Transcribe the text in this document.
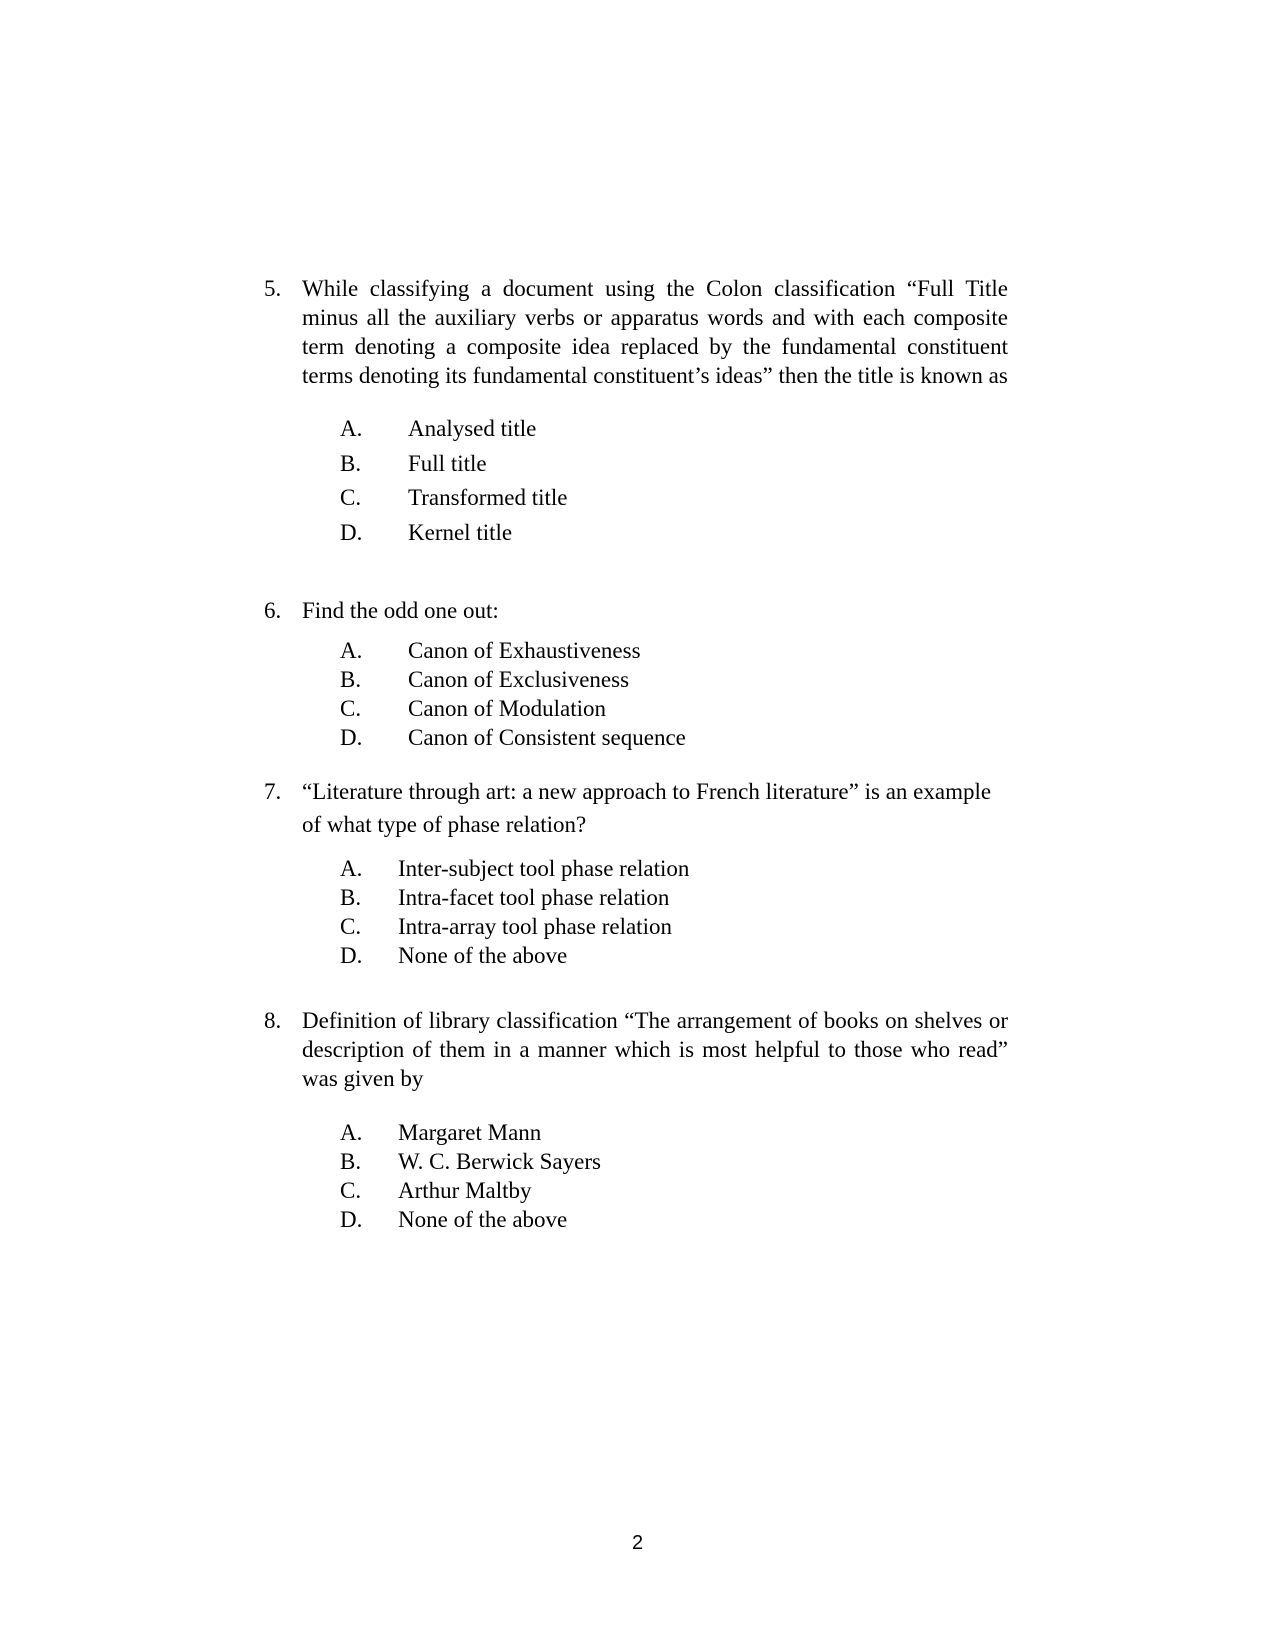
5. While classifying a document using the Colon classification “Full Title minus all the auxiliary verbs or apparatus words and with each composite term denoting a composite idea replaced by the fundamental constituent terms denoting its fundamental constituent’s ideas” then the title is known as
A. Analysed title
B. Full title
C. Transformed title
D. Kernel title
6. Find the odd one out:
A. Canon of Exhaustiveness
B. Canon of Exclusiveness
C. Canon of Modulation
D. Canon of Consistent sequence
7. “Literature through art: a new approach to French literature” is an example of what type of phase relation?
A. Inter-subject tool phase relation
B. Intra-facet tool phase relation
C. Intra-array tool phase relation
D. None of the above
8. Definition of library classification “The arrangement of books on shelves or description of them in a manner which is most helpful to those who read” was given by
A. Margaret Mann
B. W. C. Berwick Sayers
C. Arthur Maltby
D. None of the above
2
